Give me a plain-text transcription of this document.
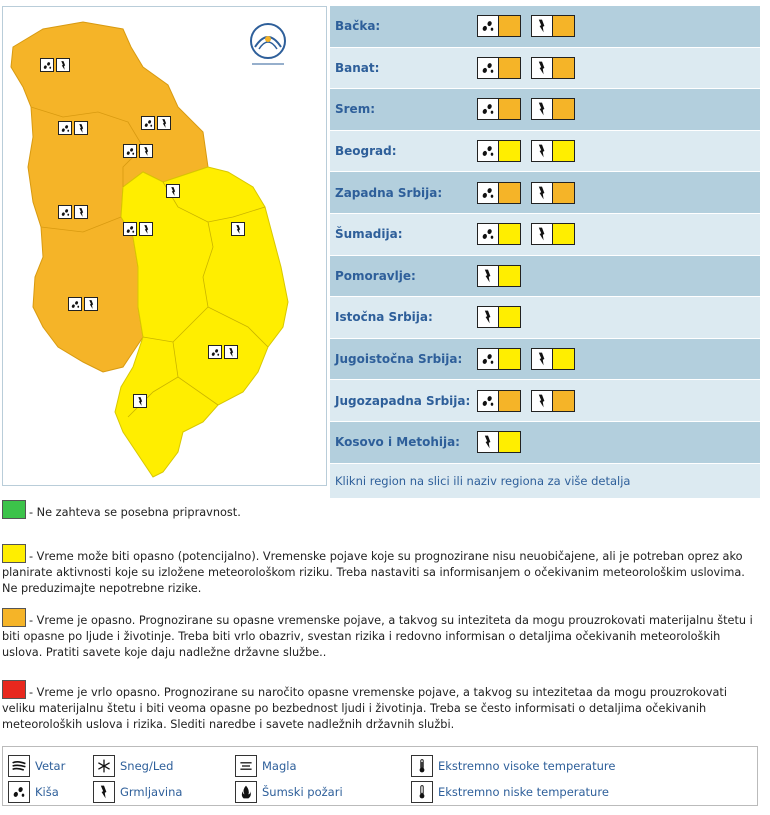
Bačka:
Banat:
Srem:
Beograd:
Zapadna Srbija:
Šumadija:
Pomoravlje:
Istočna Srbija:
Jugoistočna Srbija:
Jugozapadna Srbija:
Kosovo i Metohija:
Klikni region na slici ili naziv regiona za više detalja
- Ne zahteva se posebna pripravnost.
- Vreme može biti opasno (potencijalno). Vremenske pojave koje su prognozirane nisu neuobičajene, ali je potreban oprez ako planirate aktivnosti koje su izložene meteorološkom riziku. Treba nastaviti sa informisanjem o očekivanim meteorološkim uslovima. Ne preduzimajte nepotrebne rizike.
- Vreme je opasno. Prognozirane su opasne vremenske pojave, a takvog su inteziteta da mogu prouzrokovati materijalnu štetu i biti opasne po ljude i životinje. Treba biti vrlo obazriv, svestan rizika i redovno informisan o detaljima očekivanih meteoroloških uslova. Pratiti savete koje daju nadležne državne službe..
- Vreme je vrlo opasno. Prognozirane su naročito opasne vremenske pojave, a takvog su intezitetaa da mogu prouzrokovati veliku materijalnu štetu i biti veoma opasne po bezbednost ljudi i životinja. Treba se često informisati o detaljima očekivanih meteoroloških uslova i rizika. Slediti naredbe i savete nadležnih državnih službi.
Vetar	Sneg/Led	Magla	Ekstremno visoke temperature
Kiša	Grmljavina	Šumski požari	Ekstremno niske temperature
